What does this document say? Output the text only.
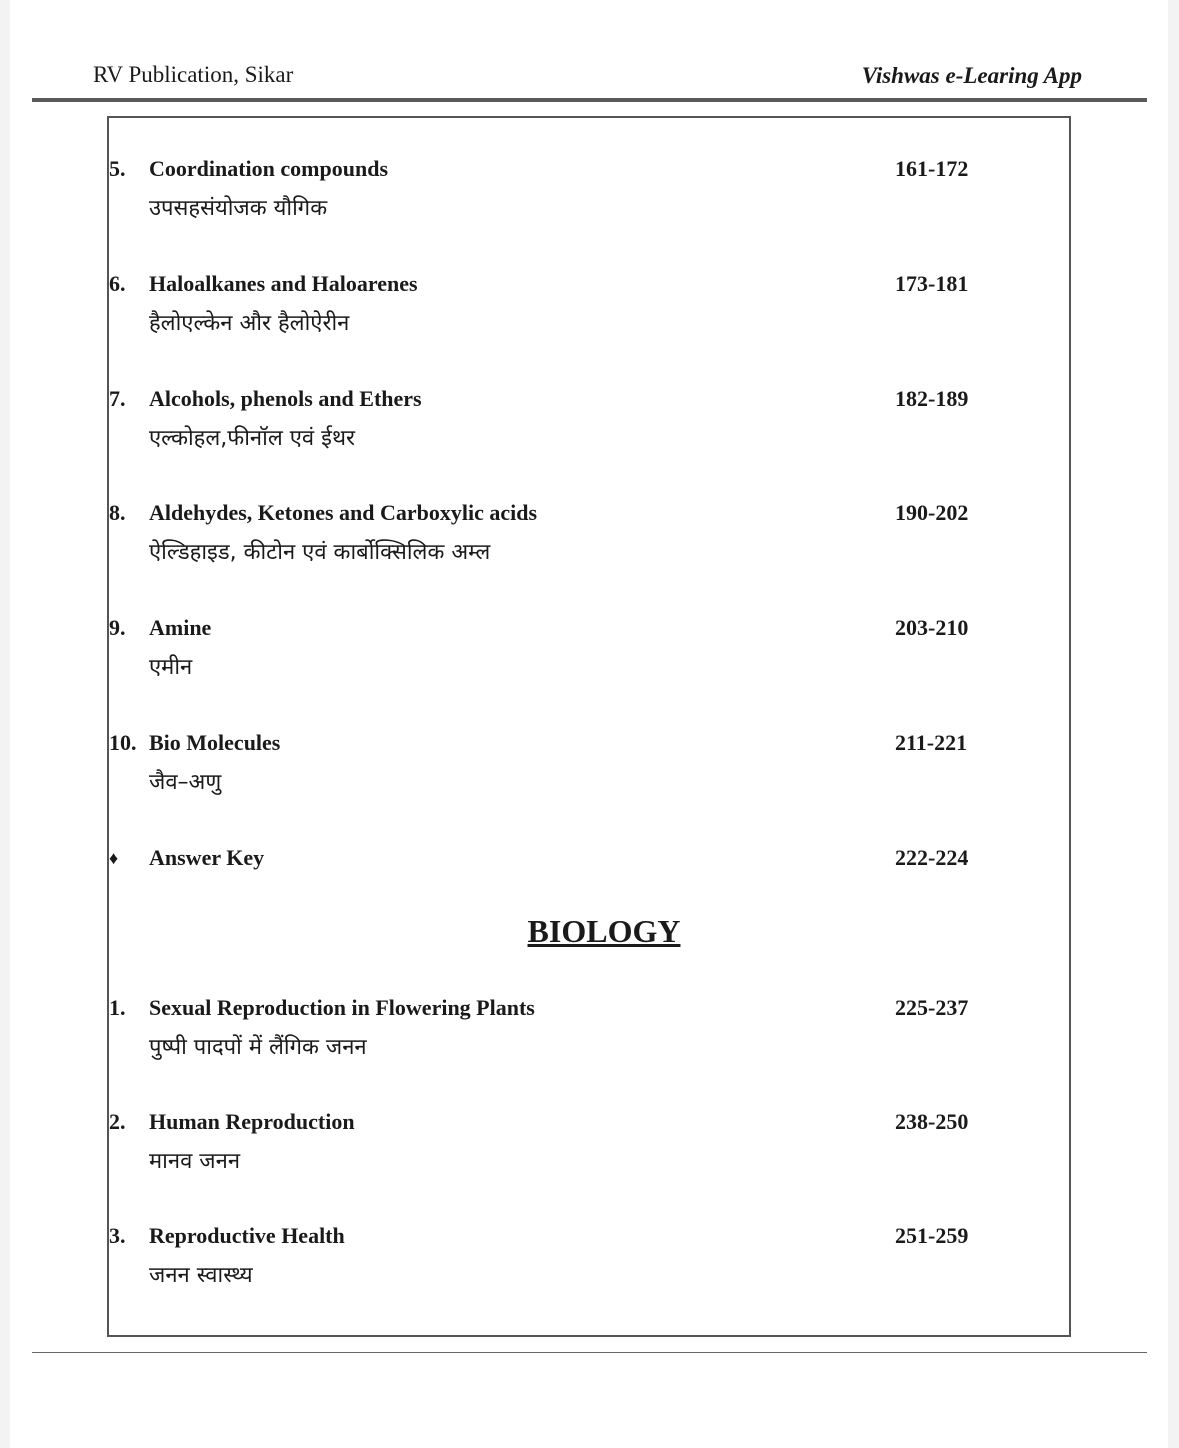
RV Publication, Sikar	Vishwas e-Learing App
5. Coordination compounds
उपसहसंयोजक यौगिक
161-172
6. Haloalkanes and Haloarenes
हैलोएल्केन और हैलोऐरीन
173-181
7. Alcohols, phenols and Ethers
एल्कोहल,फीनॉल एवं ईथर
182-189
8. Aldehydes, Ketones and Carboxylic acids
ऐल्डिहाइड, कीटोन एवं कार्बोक्सिलिक अम्ल
190-202
9. Amine
एमीन
203-210
10. Bio Molecules
जैव–अणु
211-221
♦ Answer Key	222-224
BIOLOGY
1. Sexual Reproduction in Flowering Plants
पुष्पी पादपों में लैंगिक जनन
225-237
2. Human Reproduction
मानव जनन
238-250
3. Reproductive Health
जनन स्वास्थ्य
251-259
